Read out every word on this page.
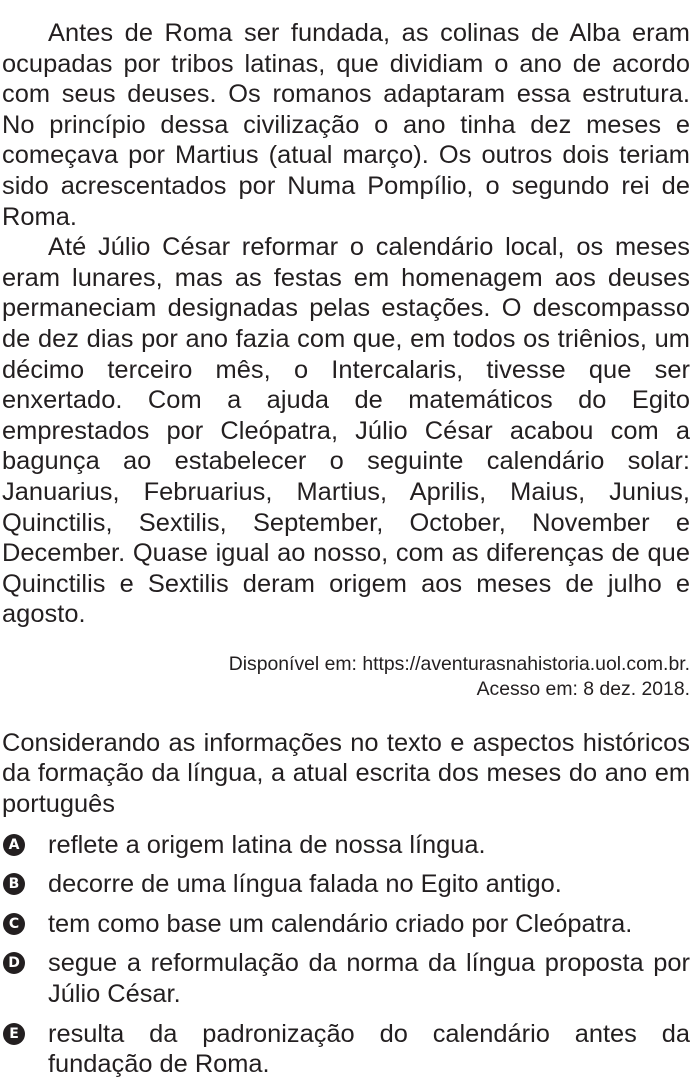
Antes de Roma ser fundada, as colinas de Alba eram ocupadas por tribos latinas, que dividiam o ano de acordo com seus deuses. Os romanos adaptaram essa estrutura. No princípio dessa civilização o ano tinha dez meses e começava por Martius (atual março). Os outros dois teriam sido acrescentados por Numa Pompílio, o segundo rei de Roma.

Até Júlio César reformar o calendário local, os meses eram lunares, mas as festas em homenagem aos deuses permaneciam designadas pelas estações. O descompasso de dez dias por ano fazia com que, em todos os triênios, um décimo terceiro mês, o Intercalaris, tivesse que ser enxertado. Com a ajuda de matemáticos do Egito emprestados por Cleópatra, Júlio César acabou com a bagunça ao estabelecer o seguinte calendário solar: Januarius, Februarius, Martius, Aprilis, Maius, Junius, Quinctilis, Sextilis, September, October, November e December. Quase igual ao nosso, com as diferenças de que Quinctilis e Sextilis deram origem aos meses de julho e agosto.

Disponível em: https://aventurasnahistoria.uol.com.br.
Acesso em: 8 dez. 2018.

Considerando as informações no texto e aspectos históricos da formação da língua, a atual escrita dos meses do ano em português

A reflete a origem latina de nossa língua.
B decorre de uma língua falada no Egito antigo.
C tem como base um calendário criado por Cleópatra.
D segue a reformulação da norma da língua proposta por Júlio César.
E resulta da padronização do calendário antes da fundação de Roma.
